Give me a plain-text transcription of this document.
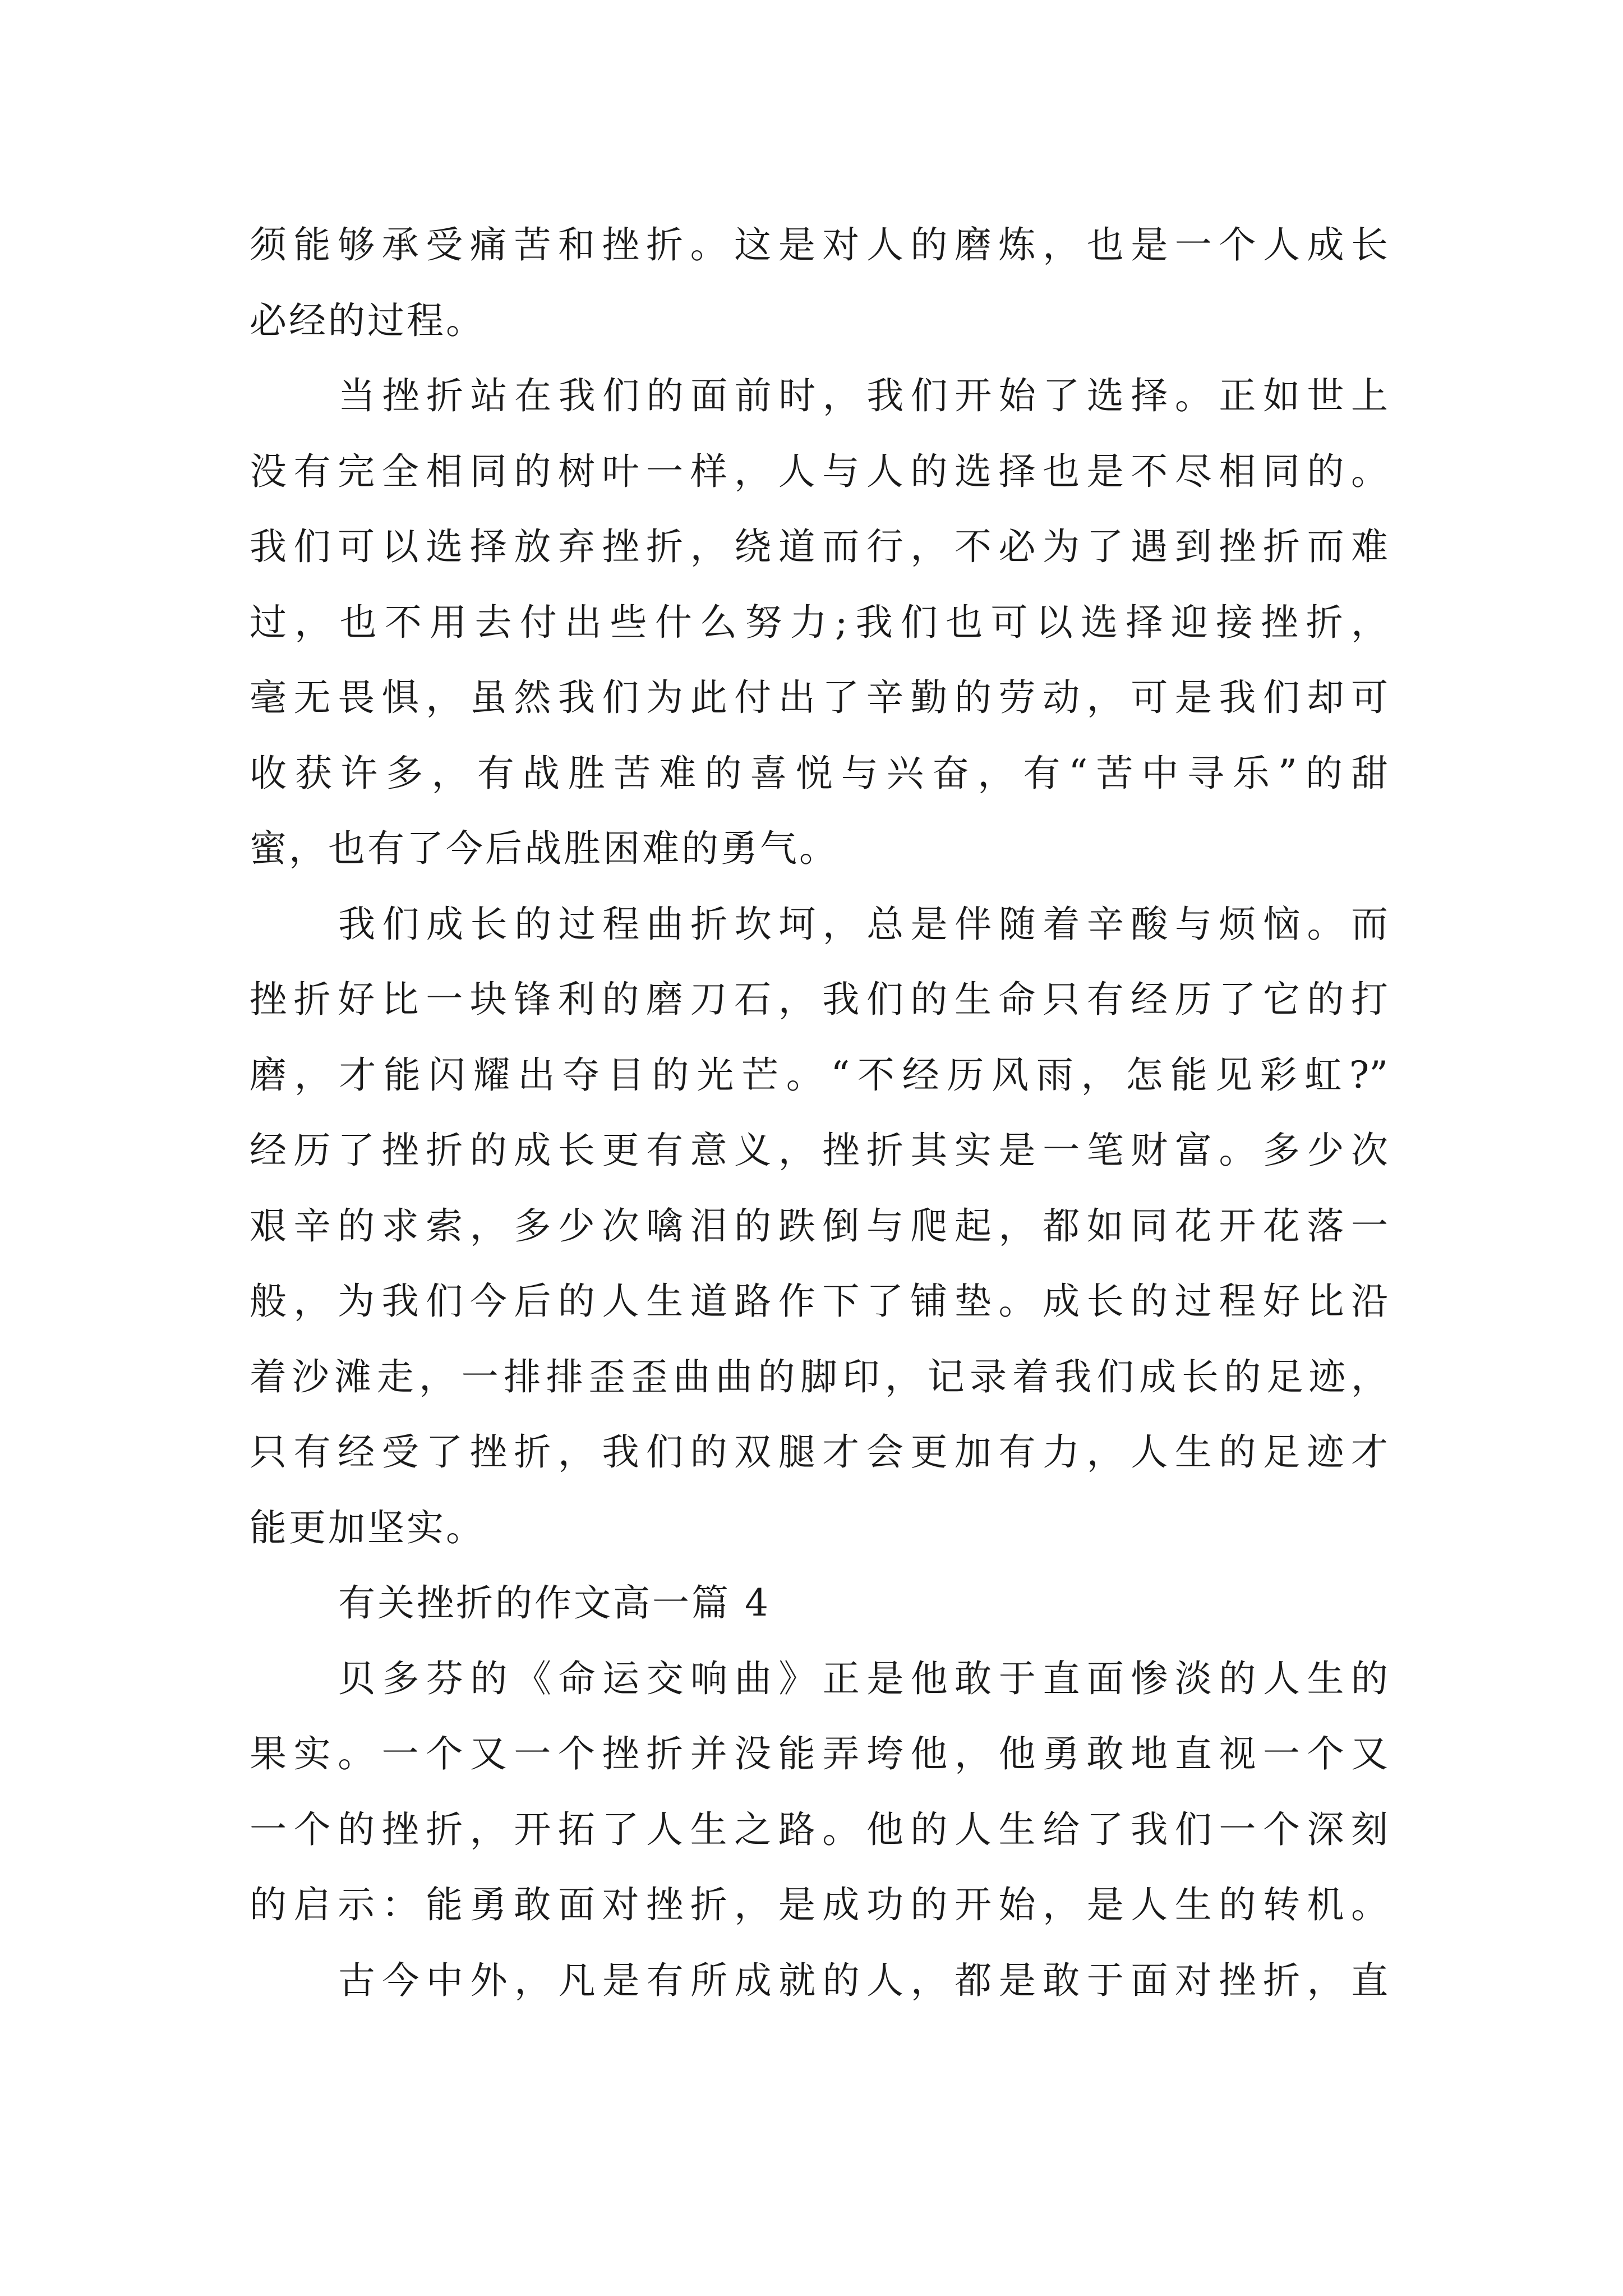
须能够承受痛苦和挫折。这是对人的磨炼，也是一个人成长
必经的过程。
当挫折站在我们的面前时，我们开始了选择。正如世上
没有完全相同的树叶一样，人与人的选择也是不尽相同的。
我们可以选择放弃挫折，绕道而行，不必为了遇到挫折而难
过，也不用去付出些什么努力;我们也可以选择迎接挫折，
毫无畏惧，虽然我们为此付出了辛勤的劳动，可是我们却可
收获许多，有战胜苦难的喜悦与兴奋，有“苦中寻乐”的甜
蜜，也有了今后战胜困难的勇气。
我们成长的过程曲折坎坷，总是伴随着辛酸与烦恼。而
挫折好比一块锋利的磨刀石，我们的生命只有经历了它的打
磨，才能闪耀出夺目的光芒。“不经历风雨，怎能见彩虹?”
经历了挫折的成长更有意义，挫折其实是一笔财富。多少次
艰辛的求索，多少次噙泪的跌倒与爬起，都如同花开花落一
般，为我们今后的人生道路作下了铺垫。成长的过程好比沿
着沙滩走，一排排歪歪曲曲的脚印，记录着我们成长的足迹，
只有经受了挫折，我们的双腿才会更加有力，人生的足迹才
能更加坚实。
有关挫折的作文高一篇 4
贝多芬的《命运交响曲》正是他敢于直面惨淡的人生的
果实。一个又一个挫折并没能弄垮他，他勇敢地直视一个又
一个的挫折，开拓了人生之路。他的人生给了我们一个深刻
的启示：能勇敢面对挫折，是成功的开始，是人生的转机。
古今中外，凡是有所成就的人，都是敢于面对挫折，直
